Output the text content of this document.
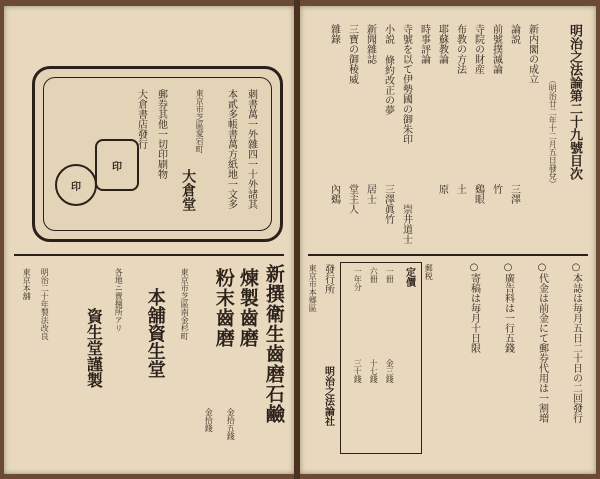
刺書萬一外雜四一十外諸其
本貳多帳書萬方紙地一文多
郵券其他一切印刷物
大倉書店發行	東京市芝區愛宕町
大倉堂
印
印
新撰衛生齒磨石鹼
煉製齒磨
粉末齒磨
金拾五錢
金拾錢
東京市芝區南金杉町
本舖資生堂
各地ニ賣捌所アリ
資生堂謹製
明治二十年製法改良
東京本舖
明治之法論第二十九號目次
（明治廿二年十二月五日發兌）
新内閣の成立
論説
前號撲滅論
寺院の財産
布教の方法
耶蘇教論
時事評論
寺號を以て伊勢國の御朱印
小説 條約改正の夢
新聞雜誌
三寶の御稜威
雜錄
三澤
竹
鷄眼
土
原
崇井道士
三澤眞竹
居士
堂主人
內鷄
定價
一冊
金三錢
六冊
十七錢
一年分
三十錢
郵税
發行所
東京市本郷區
明治之法論社	○本誌は毎月五日二十日の二回發行
○代金は前金にて郵券代用は一割増
○廣告料は一行五錢
○寄稿は毎月十日限
